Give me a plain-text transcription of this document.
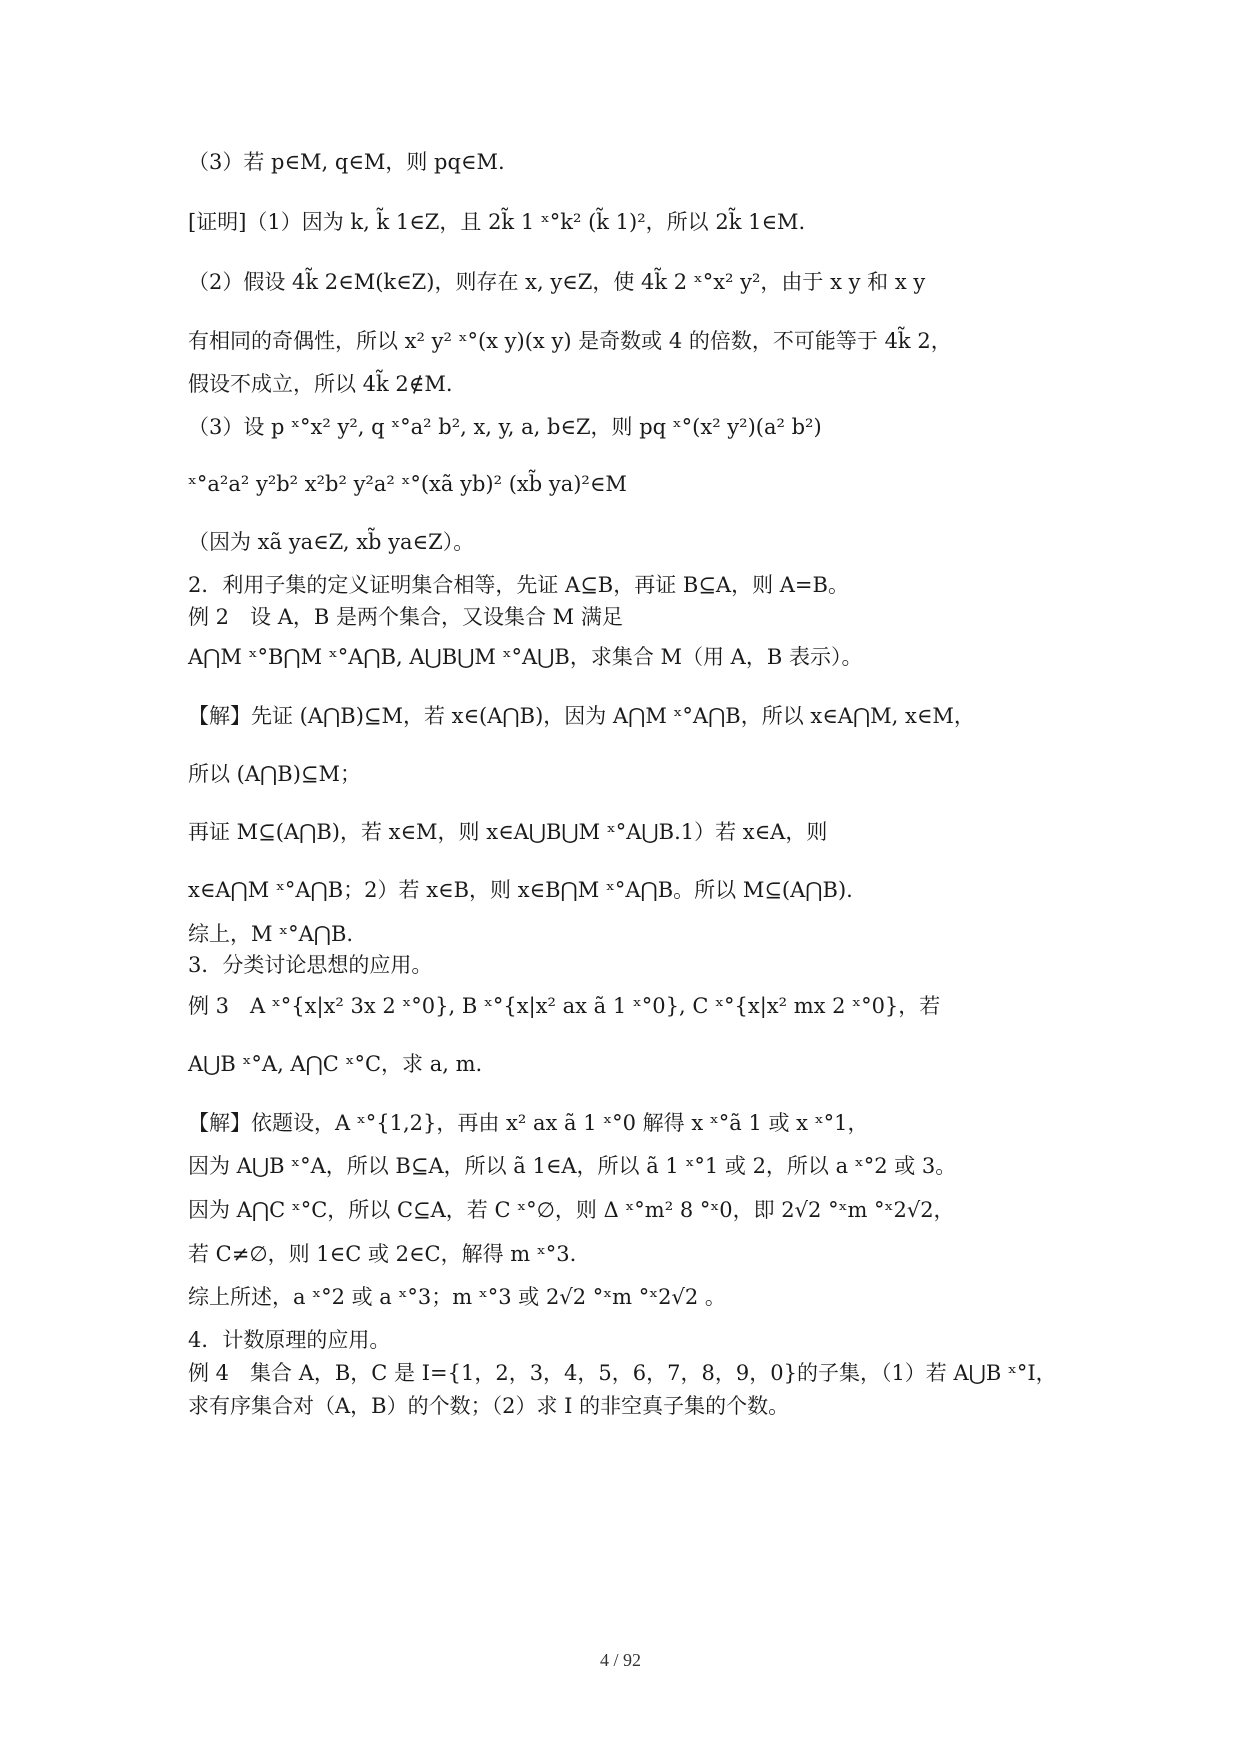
（3）若 p∈M, q∈M，则 pq∈M.
[证明]（1）因为 k, k̃ 1∈Z，且 2k̃ 1 ˣ°k² (k̃ 1)²，所以 2k̃ 1∈M.
（2）假设 4k̃ 2∈M(k∈Z)，则存在 x, y∈Z，使 4k̃ 2 ˣ°x² y²，由于 x y 和 x y
有相同的奇偶性，所以 x² y² ˣ°(x y)(x y) 是奇数或 4 的倍数，不可能等于 4k̃ 2，
假设不成立，所以 4k̃ 2∉M.
（3）设 p ˣ°x² y², q ˣ°a² b², x, y, a, b∈Z，则 pq ˣ°(x² y²)(a² b²)
ˣ°a²a² y²b² x²b² y²a² ˣ°(xã yb)² (xb̃ ya)²∈M
（因为 xã ya∈Z, xb̃ ya∈Z）。
2．利用子集的定义证明集合相等，先证 A⊆B，再证 B⊆A，则 A=B。
例 2　设 A，B 是两个集合，又设集合 M 满足
A⋂M ˣ°B⋂M ˣ°A⋂B, A⋃B⋃M ˣ°A⋃B，求集合 M（用 A，B 表示）。
【解】先证 (A⋂B)⊆M，若 x∈(A⋂B)，因为 A⋂M ˣ°A⋂B，所以 x∈A⋂M, x∈M，
所以 (A⋂B)⊆M；
再证 M⊆(A⋂B)，若 x∈M，则 x∈A⋃B⋃M ˣ°A⋃B.1）若 x∈A，则
x∈A⋂M ˣ°A⋂B；2）若 x∈B，则 x∈B⋂M ˣ°A⋂B。所以 M⊆(A⋂B).
综上，M ˣ°A⋂B.
3．分类讨论思想的应用。
例 3　A ˣ°{x|x² 3x 2 ˣ°0}, B ˣ°{x|x² ax ã 1 ˣ°0}, C ˣ°{x|x² mx 2 ˣ°0}，若
A⋃B ˣ°A, A⋂C ˣ°C，求 a, m.
【解】依题设，A ˣ°{1,2}，再由 x² ax ã 1 ˣ°0 解得 x ˣ°ã 1 或 x ˣ°1，
因为 A⋃B ˣ°A，所以 B⊆A，所以 ã 1∈A，所以 ã 1 ˣ°1 或 2，所以 a ˣ°2 或 3。
因为 A⋂C ˣ°C，所以 C⊆A，若 C ˣ°∅，则 Δ ˣ°m² 8 °ˣ0，即 2√2 °ˣm °ˣ2√2，
若 C≠∅，则 1∈C 或 2∈C，解得 m ˣ°3.
综上所述，a ˣ°2 或 a ˣ°3；m ˣ°3 或 2√2 °ˣm °ˣ2√2 。
4．计数原理的应用。
例 4　集合 A，B，C 是 I={1，2，3，4，5，6，7，8，9，0}的子集，（1）若 A⋃B ˣ°I，
求有序集合对（A，B）的个数；（2）求 I 的非空真子集的个数。
4 / 92
